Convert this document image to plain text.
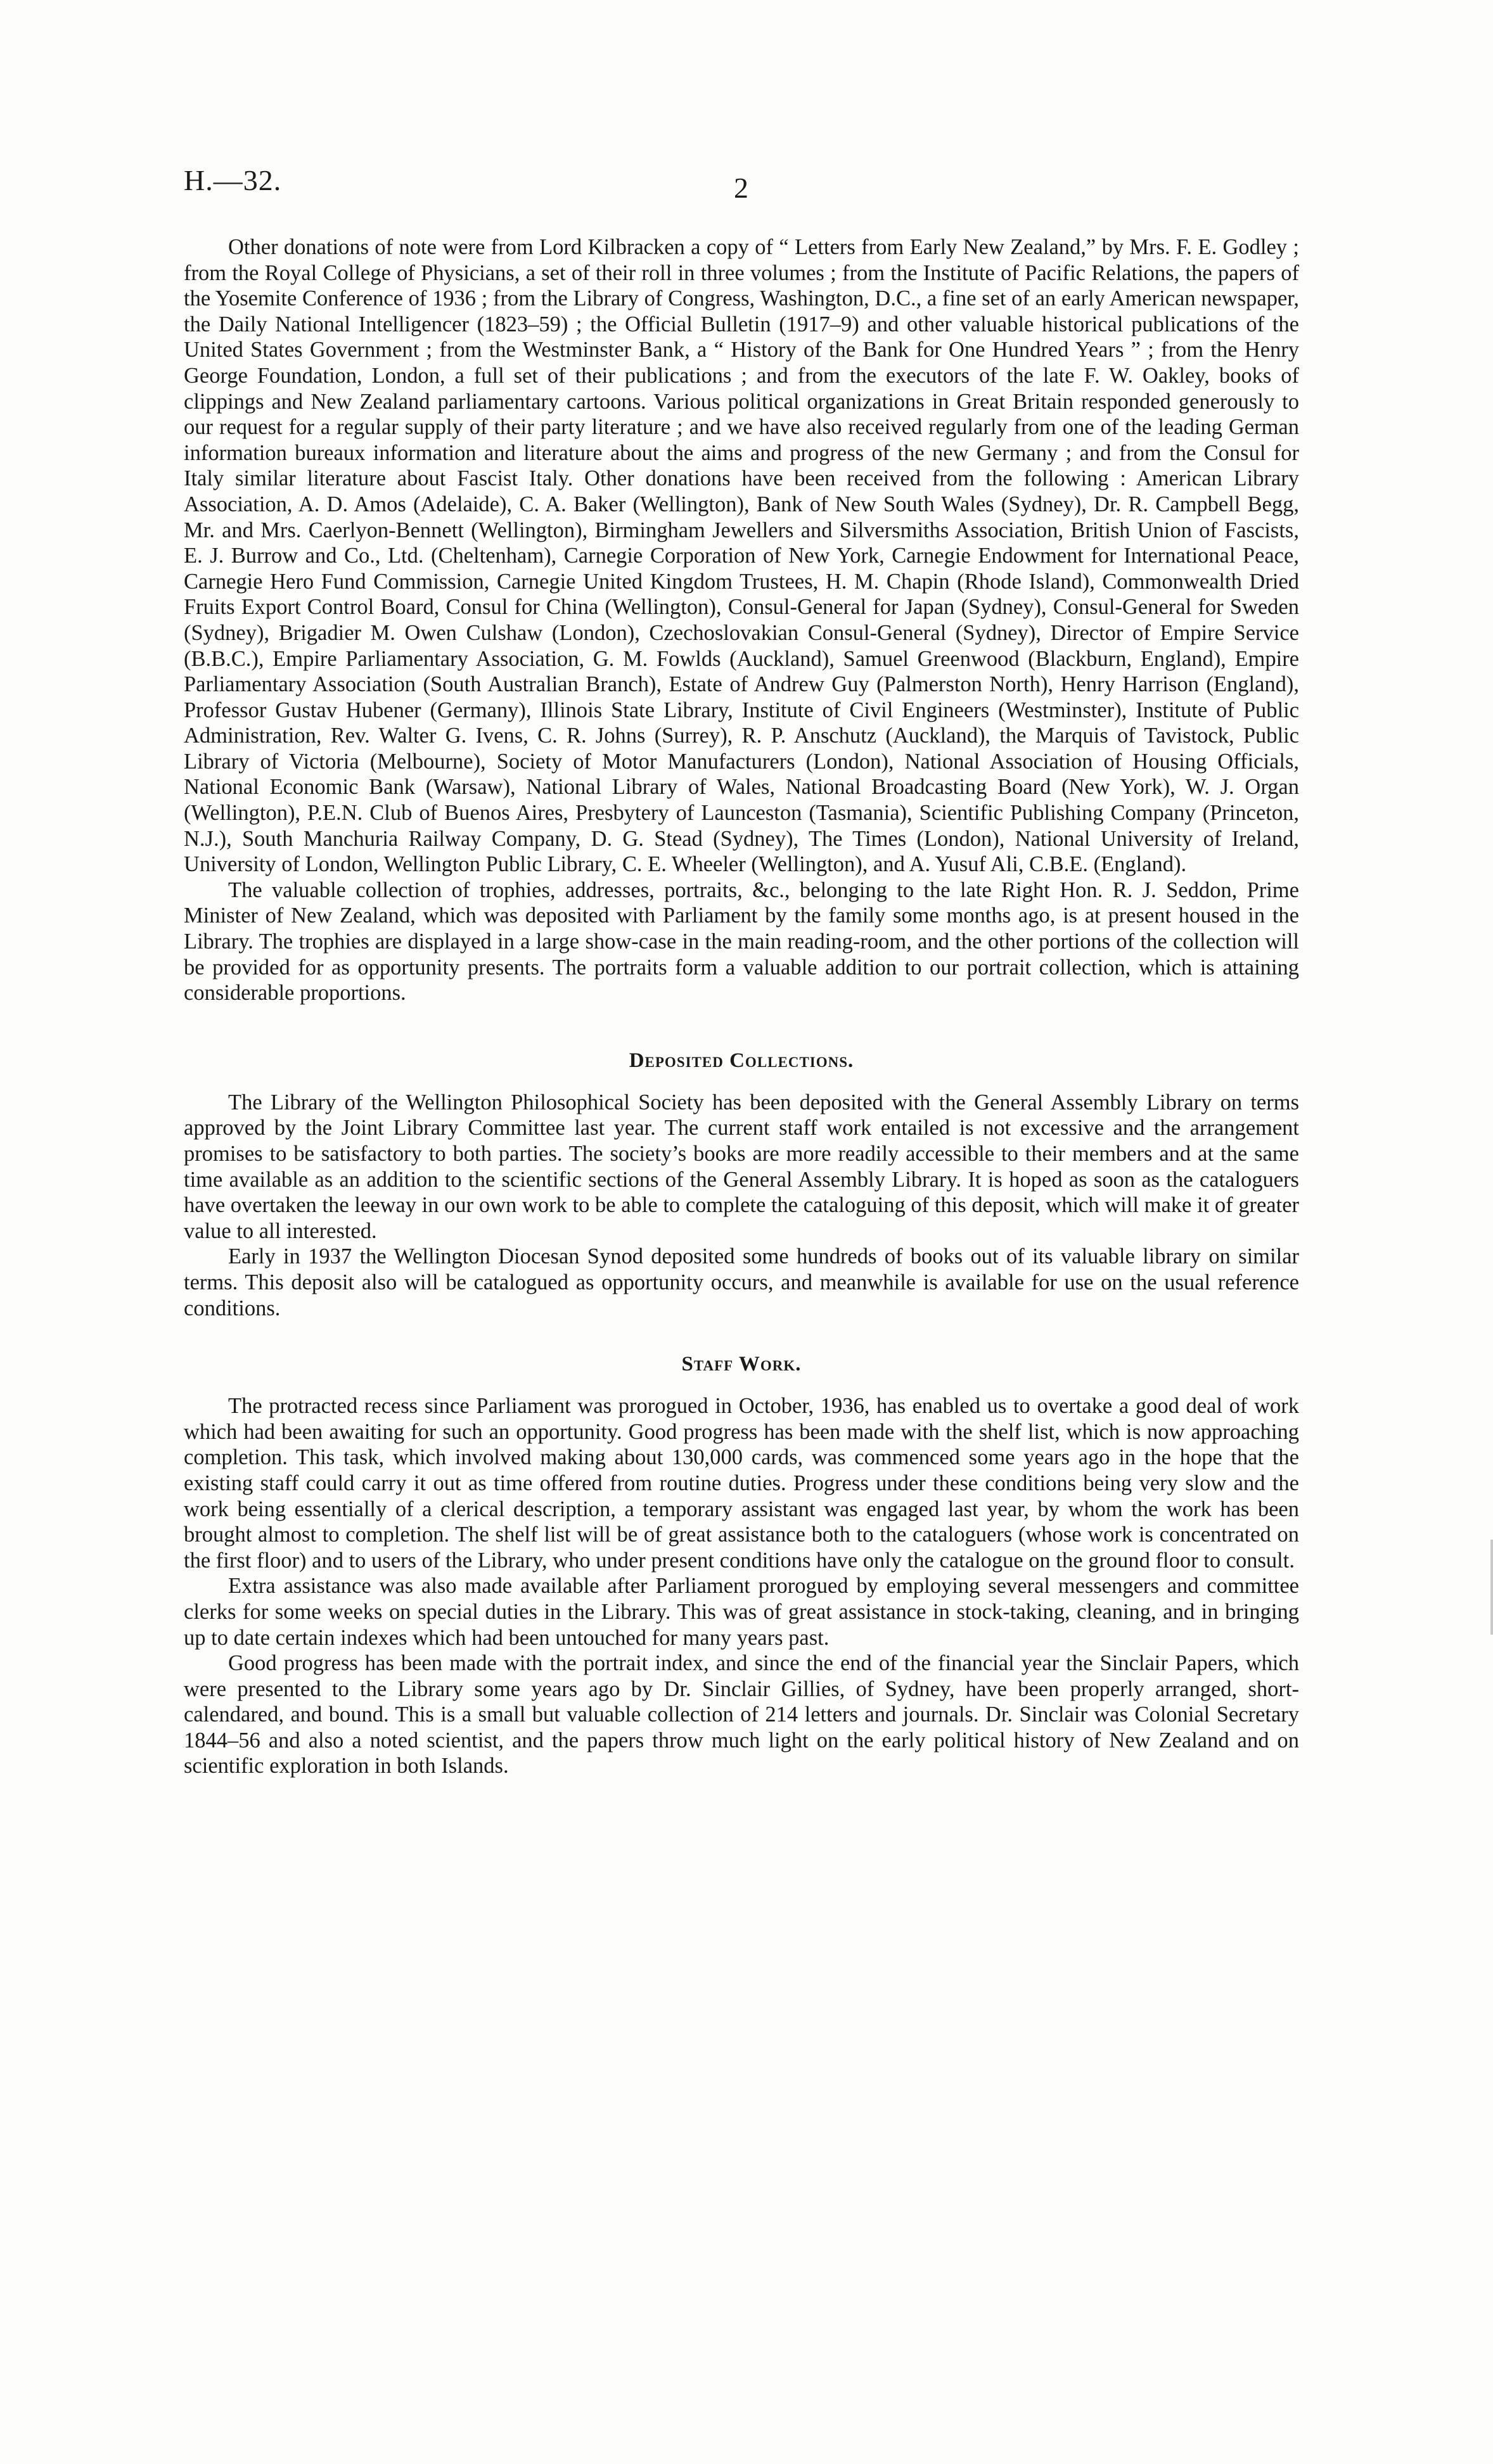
H.—32.	2

Other donations of note were from Lord Kilbracken a copy of “ Letters from Early New Zealand,” by Mrs. F. E. Godley ; from the Royal College of Physicians, a set of their roll in three volumes ; from the Institute of Pacific Relations, the papers of the Yosemite Conference of 1936 ; from the Library of Congress, Washington, D.C., a fine set of an early American newspaper, the Daily National Intelligencer (1823–59) ; the Official Bulletin (1917–9) and other valuable historical publications of the United States Government ; from the Westminster Bank, a “ History of the Bank for One Hundred Years ” ; from the Henry George Foundation, London, a full set of their publications ; and from the executors of the late F. W. Oakley, books of clippings and New Zealand parliamentary cartoons. Various political organizations in Great Britain responded generously to our request for a regular supply of their party literature ; and we have also received regularly from one of the leading German information bureaux information and literature about the aims and progress of the new Germany ; and from the Consul for Italy similar literature about Fascist Italy. Other donations have been received from the following : American Library Association, A. D. Amos (Adelaide), C. A. Baker (Wellington), Bank of New South Wales (Sydney), Dr. R. Campbell Begg, Mr. and Mrs. Caerlyon-Bennett (Wellington), Birmingham Jewellers and Silversmiths Association, British Union of Fascists, E. J. Burrow and Co., Ltd. (Cheltenham), Carnegie Corporation of New York, Carnegie Endowment for International Peace, Carnegie Hero Fund Commission, Carnegie United Kingdom Trustees, H. M. Chapin (Rhode Island), Commonwealth Dried Fruits Export Control Board, Consul for China (Wellington), Consul-General for Japan (Sydney), Consul-General for Sweden (Sydney), Brigadier M. Owen Culshaw (London), Czechoslovakian Consul-General (Sydney), Director of Empire Service (B.B.C.), Empire Parliamentary Association, G. M. Fowlds (Auckland), Samuel Greenwood (Blackburn, England), Empire Parliamentary Association (South Australian Branch), Estate of Andrew Guy (Palmerston North), Henry Harrison (England), Professor Gustav Hubener (Germany), Illinois State Library, Institute of Civil Engineers (Westminster), Institute of Public Administration, Rev. Walter G. Ivens, C. R. Johns (Surrey), R. P. Anschutz (Auckland), the Marquis of Tavistock, Public Library of Victoria (Melbourne), Society of Motor Manufacturers (London), National Association of Housing Officials, National Economic Bank (Warsaw), National Library of Wales, National Broadcasting Board (New York), W. J. Organ (Wellington), P.E.N. Club of Buenos Aires, Presbytery of Launceston (Tasmania), Scientific Publishing Company (Princeton, N.J.), South Manchuria Railway Company, D. G. Stead (Sydney), The Times (London), National University of Ireland, University of London, Wellington Public Library, C. E. Wheeler (Wellington), and A. Yusuf Ali, C.B.E. (England).

The valuable collection of trophies, addresses, portraits, &c., belonging to the late Right Hon. R. J. Seddon, Prime Minister of New Zealand, which was deposited with Parliament by the family some months ago, is at present housed in the Library. The trophies are displayed in a large show-case in the main reading-room, and the other portions of the collection will be provided for as opportunity presents. The portraits form a valuable addition to our portrait collection, which is attaining considerable proportions.

Deposited Collections.

The Library of the Wellington Philosophical Society has been deposited with the General Assembly Library on terms approved by the Joint Library Committee last year. The current staff work entailed is not excessive and the arrangement promises to be satisfactory to both parties. The society’s books are more readily accessible to their members and at the same time available as an addition to the scientific sections of the General Assembly Library. It is hoped as soon as the cataloguers have overtaken the leeway in our own work to be able to complete the cataloguing of this deposit, which will make it of greater value to all interested.

Early in 1937 the Wellington Diocesan Synod deposited some hundreds of books out of its valuable library on similar terms. This deposit also will be catalogued as opportunity occurs, and meanwhile is available for use on the usual reference conditions.

Staff Work.

The protracted recess since Parliament was prorogued in October, 1936, has enabled us to overtake a good deal of work which had been awaiting for such an opportunity. Good progress has been made with the shelf list, which is now approaching completion. This task, which involved making about 130,000 cards, was commenced some years ago in the hope that the existing staff could carry it out as time offered from routine duties. Progress under these conditions being very slow and the work being essentially of a clerical description, a temporary assistant was engaged last year, by whom the work has been brought almost to completion. The shelf list will be of great assistance both to the cataloguers (whose work is concentrated on the first floor) and to users of the Library, who under present conditions have only the catalogue on the ground floor to consult.

Extra assistance was also made available after Parliament prorogued by employing several messengers and committee clerks for some weeks on special duties in the Library. This was of great assistance in stock-taking, cleaning, and in bringing up to date certain indexes which had been untouched for many years past.

Good progress has been made with the portrait index, and since the end of the financial year the Sinclair Papers, which were presented to the Library some years ago by Dr. Sinclair Gillies, of Sydney, have been properly arranged, short-calendared, and bound. This is a small but valuable collection of 214 letters and journals. Dr. Sinclair was Colonial Secretary 1844–56 and also a noted scientist, and the papers throw much light on the early political history of New Zealand and on scientific exploration in both Islands.
